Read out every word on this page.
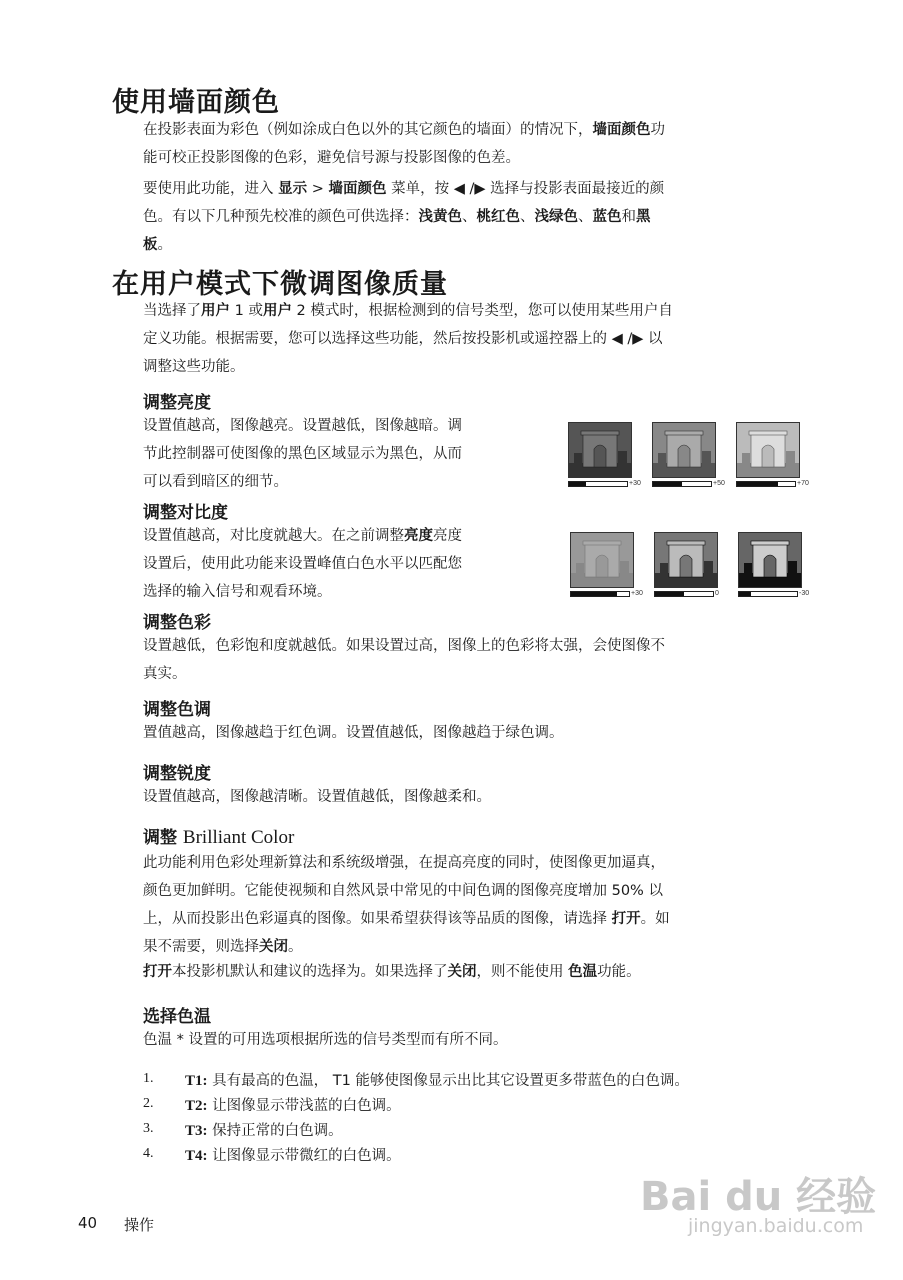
使用墙面颜色
在投影表面为彩色（例如涂成白色以外的其它颜色的墙面）的情况下，墙面颜色功
能可校正投影图像的色彩，避免信号源与投影图像的色差。
要使用此功能，进入 显示 > 墙面颜色 菜单，按 ◀ /▶ 选择与投影表面最接近的颜
色。有以下几种预先校准的颜色可供选择：浅黄色、桃红色、浅绿色、蓝色和黑
板。
在用户模式下微调图像质量
当选择了用户 1 或用户 2 模式时，根据检测到的信号类型，您可以使用某些用户自
定义功能。根据需要，您可以选择这些功能，然后按投影机或遥控器上的 ◀ /▶ 以
调整这些功能。
调整亮度
设置值越高，图像越亮。设置越低，图像越暗。调
节此控制器可使图像的黑色区域显示为黑色，从而
可以看到暗区的细节。	+30	+50	+70
调整对比度
设置值越高，对比度就越大。在之前调整亮度亮度
设置后，使用此功能来设置峰值白色水平以匹配您
选择的输入信号和观看环境。	+30	0	-30
调整色彩
设置越低，色彩饱和度就越低。如果设置过高，图像上的色彩将太强，会使图像不
真实。
调整色调
置值越高，图像越趋于红色调。设置值越低，图像越趋于绿色调。
调整锐度
设置值越高，图像越清晰。设置值越低，图像越柔和。
调整 Brilliant Color
此功能利用色彩处理新算法和系统级增强，在提高亮度的同时，使图像更加逼真，
颜色更加鲜明。它能使视频和自然风景中常见的中间色调的图像亮度增加 50% 以
上，从而投影出色彩逼真的图像。如果希望获得该等品质的图像，请选择 打开。如
果不需要，则选择关闭。
打开本投影机默认和建议的选择为。如果选择了关闭，则不能使用 色温功能。
选择色温
色温 * 设置的可用选项根据所选的信号类型而有所不同。
1. T1: 具有最高的色温， T1 能够使图像显示出比其它设置更多带蓝色的白色调。
2. T2: 让图像显示带浅蓝的白色调。
3. T3: 保持正常的白色调。
4. T4: 让图像显示带微红的白色调。
40 操作
Bai du 经验
jingyan.baidu.com
